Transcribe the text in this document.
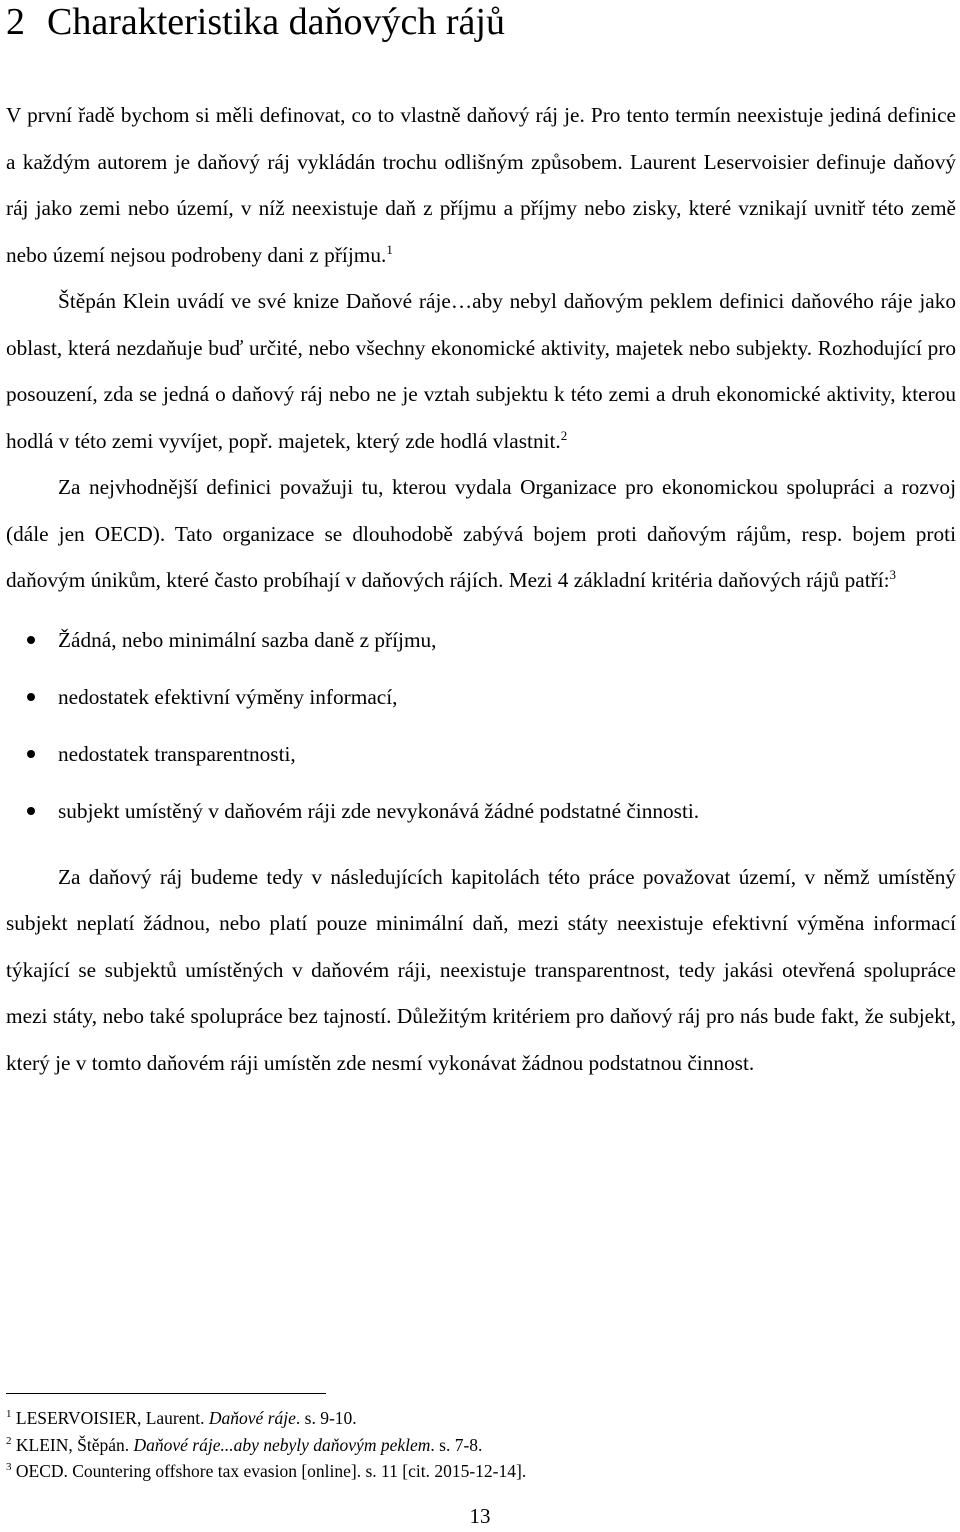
2 Charakteristika daňových rájů

V první řadě bychom si měli definovat, co to vlastně daňový ráj je. Pro tento termín neexistuje jediná definice a každým autorem je daňový ráj vykládán trochu odlišným způsobem. Laurent Leservoisier definuje daňový ráj jako zemi nebo území, v níž neexistuje daň z příjmu a příjmy nebo zisky, které vznikají uvnitř této země nebo území nejsou podrobeny dani z příjmu.$^1$

Štěpán Klein uvádí ve své knize Daňové ráje…aby nebyl daňovým peklem definici daňového ráje jako oblast, která nezdaňuje buď určité, nebo všechny ekonomické aktivity, majetek nebo subjekty. Rozhodující pro posouzení, zda se jedná o daňový ráj nebo ne je vztah subjektu k této zemi a druh ekonomické aktivity, kterou hodlá v této zemi vyvíjet, popř. majetek, který zde hodlá vlastnit.$^2$

Za nejvhodnější definici považuji tu, kterou vydala Organizace pro ekonomickou spolupráci a rozvoj (dále jen OECD). Tato organizace se dlouhodobě zabývá bojem proti daňovým rájům, resp. bojem proti daňovým únikům, které často probíhají v daňových rájích. Mezi 4 základní kritéria daňových rájů patří:$^3$

Žádná, nebo minimální sazba daně z příjmu,
nedostatek efektivní výměny informací,
nedostatek transparentnosti,
subjekt umístěný v daňovém ráji zde nevykonává žádné podstatné činnosti.

Za daňový ráj budeme tedy v následujících kapitolách této práce považovat území, v němž umístěný subjekt neplatí žádnou, nebo platí pouze minimální daň, mezi státy neexistuje efektivní výměna informací týkající se subjektů umístěných v daňovém ráji, neexistuje transparentnost, tedy jakási otevřená spolupráce mezi státy, nebo také spolupráce bez tajností. Důležitým kritériem pro daňový ráj pro nás bude fakt, že subjekt, který je v tomto daňovém ráji umístěn zde nesmí vykonávat žádnou podstatnou činnost.

$^1$ LESERVOISIER, Laurent. Daňové ráje. s. 9-10.
$^2$ KLEIN, Štěpán. Daňové ráje...aby nebyly daňovým peklem. s. 7-8.
$^3$ OECD. Countering offshore tax evasion [online]. s. 11 [cit. 2015-12-14].
13
